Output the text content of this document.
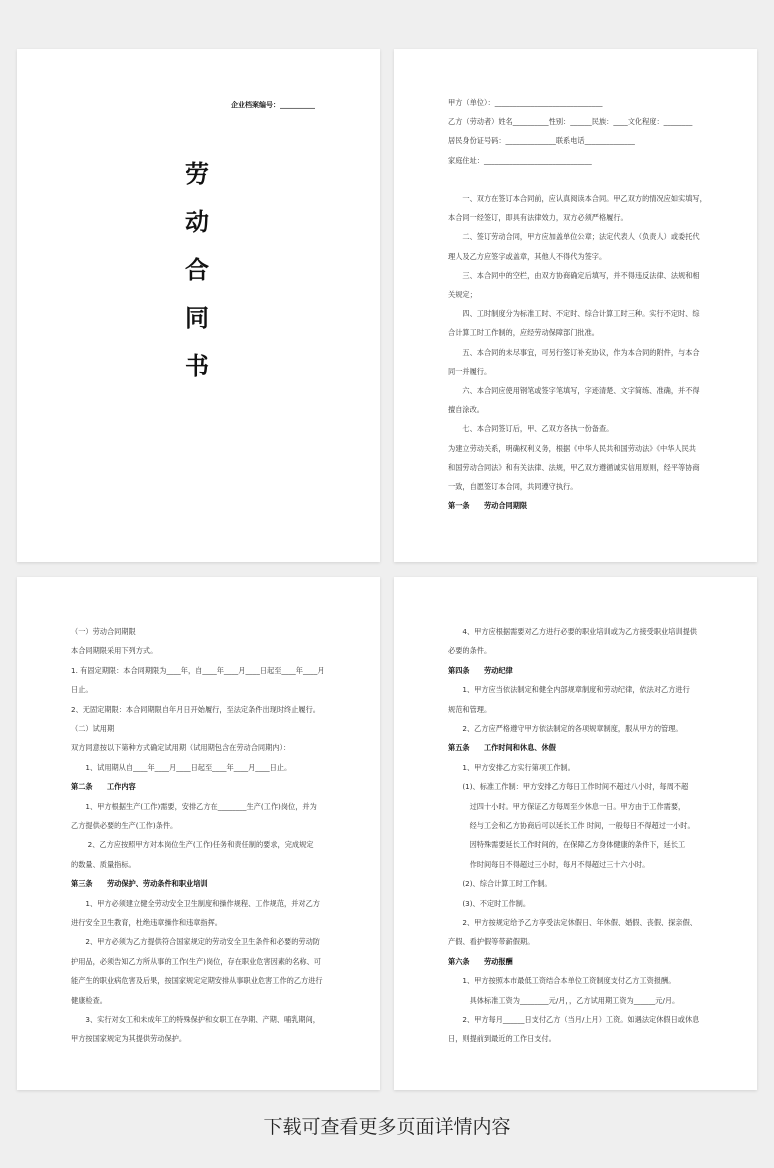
企业档案编号：__________
劳
动
合
同
书
甲方（单位）：______________________________
乙方（劳动者）姓名__________性别：______民族：____文化程度：________
居民身份证号码：______________联系电话______________
家庭住址：______________________________
　　一、双方在签订本合同前，应认真阅读本合同。甲乙双方的情况应如实填写，
本合同一经签订，即具有法律效力，双方必须严格履行。
　　二、签订劳动合同，甲方应加盖单位公章；法定代表人（负责人）或委托代
理人及乙方应签字或盖章，其他人不得代为签字。
　　三、本合同中的空栏，由双方协商确定后填写，并不得违反法律、法规和相
关规定；
　　四、工时制度分为标准工时、不定时、综合计算工时三种。实行不定时、综
合计算工时工作制的，应经劳动保障部门批准。
　　五、本合同的未尽事宜，可另行签订补充协议，作为本合同的附件，与本合
同一并履行。
　　六、本合同应使用钢笔或签字笔填写，字迹清楚、文字简练、准确，并不得
擅自涂改。
　　七、本合同签订后，甲、乙双方各执一份备查。
为建立劳动关系，明确权利义务，根据《中华人民共和国劳动法》《中华人民共
和国劳动合同法》和有关法律、法规，甲乙双方遵循诚实信用原则，经平等协商
一致，自愿签订本合同，共同遵守执行。
第一条　　劳动合同期限
（一）劳动合同期限
本合同期限采用下列方式。
1. 有固定期限：本合同期限为____年，自____年____月____日起至____年____月
日止。
2、无固定期限：本合同期限自年月日开始履行，至法定条件出现时终止履行。
（二）试用期
双方同意按以下第种方式确定试用期（试用期包含在劳动合同期内）：
　　1、试用期从自____年____月____日起至____年____月____日止。
第二条　　工作内容
　　1、甲方根据生产(工作)需要，安排乙方在________生产(工作)岗位，并为
乙方提供必要的生产(工作)条件。
　　 2、乙方应按照甲方对本岗位生产(工作)任务和责任制的要求，完成规定
的数量、质量指标。
第三条　　劳动保护、劳动条件和职业培训
　　1、甲方必须建立健全劳动安全卫生制度和操作规程、工作规范，并对乙方
进行安全卫生教育，杜绝违章操作和违章指挥。
　　2、甲方必须为乙方提供符合国家规定的劳动安全卫生条件和必要的劳动防
护用品，必须告知乙方所从事的工作(生产)岗位，存在职业危害因素的名称、可
能产生的职业病危害及后果，按国家规定定期安排从事职业危害工作的乙方进行
健康检查。
　　3、实行对女工和未成年工的特殊保护和女职工在孕期、产期、哺乳期间，
甲方按国家规定为其提供劳动保护。
　　4、甲方应根据需要对乙方进行必要的职业培训或为乙方接受职业培训提供
必要的条件。
第四条　　劳动纪律
　　1、甲方应当依法制定和健全内部规章制度和劳动纪律，依法对乙方进行
规范和管理。
　　2、乙方应严格遵守甲方依法制定的各项规章制度，服从甲方的管理。
第五条　　工作时间和休息、休假
　　1、甲方安排乙方实行第项工作制。
　　(1)、标准工作制：甲方安排乙方每日工作时间不超过八小时，每周不超
　　　过四十小时。甲方保证乙方每周至少休息一日。甲方由于工作需要，
　　　经与工会和乙方协商后可以延长工作 时间，一般每日不得超过一小时。
　　　因特殊需要延长工作时间的，在保障乙方身体健康的条件下，延长工
　　　作时间每日不得超过三小时，每月不得超过三十六小时。
　　(2)、综合计算工时工作制。
　　(3)、不定时工作制。
　　2、甲方按规定给予乙方享受法定休假日、年休假、婚假、丧假、探亲假、
产假、看护假等带薪假期。
第六条　　劳动报酬
　　1、甲方按照本市最低工资结合本单位工资制度支付乙方工资报酬。
　　　具体标准工资为________元/月，，乙方试用期工资为______元/月。
　　2、甲方每月______日支付乙方（当月/上月）工资。如遇法定休假日或休息
日，则提前到最近的工作日支付。
下载可查看更多页面详情内容
